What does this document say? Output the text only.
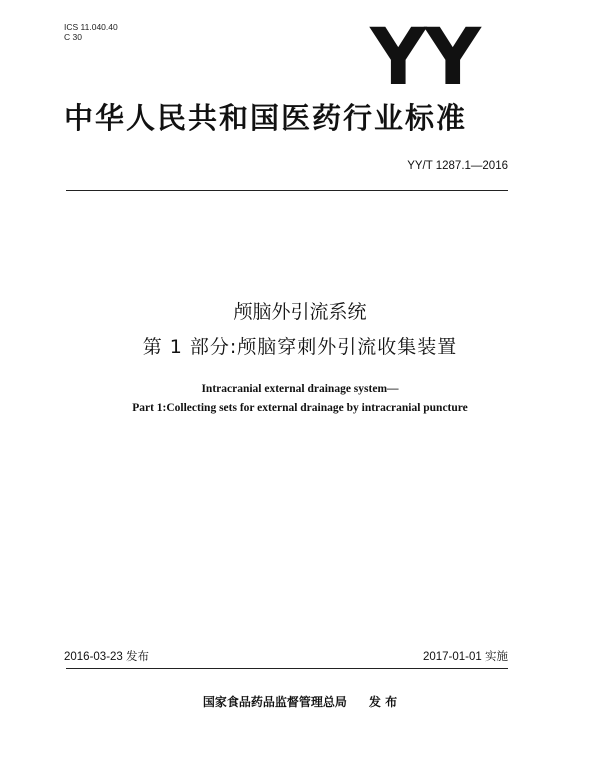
ICS 11.040.40
C 30	YY
中华人民共和国医药行业标准
YY/T 1287.1—2016
颅脑外引流系统
第 1 部分:颅脑穿刺外引流收集装置
Intracranial external drainage system—
Part 1:Collecting sets for external drainage by intracranial puncture
2016-03-23 发布	2017-01-01 实施
国家食品药品监督管理总局 发 布
